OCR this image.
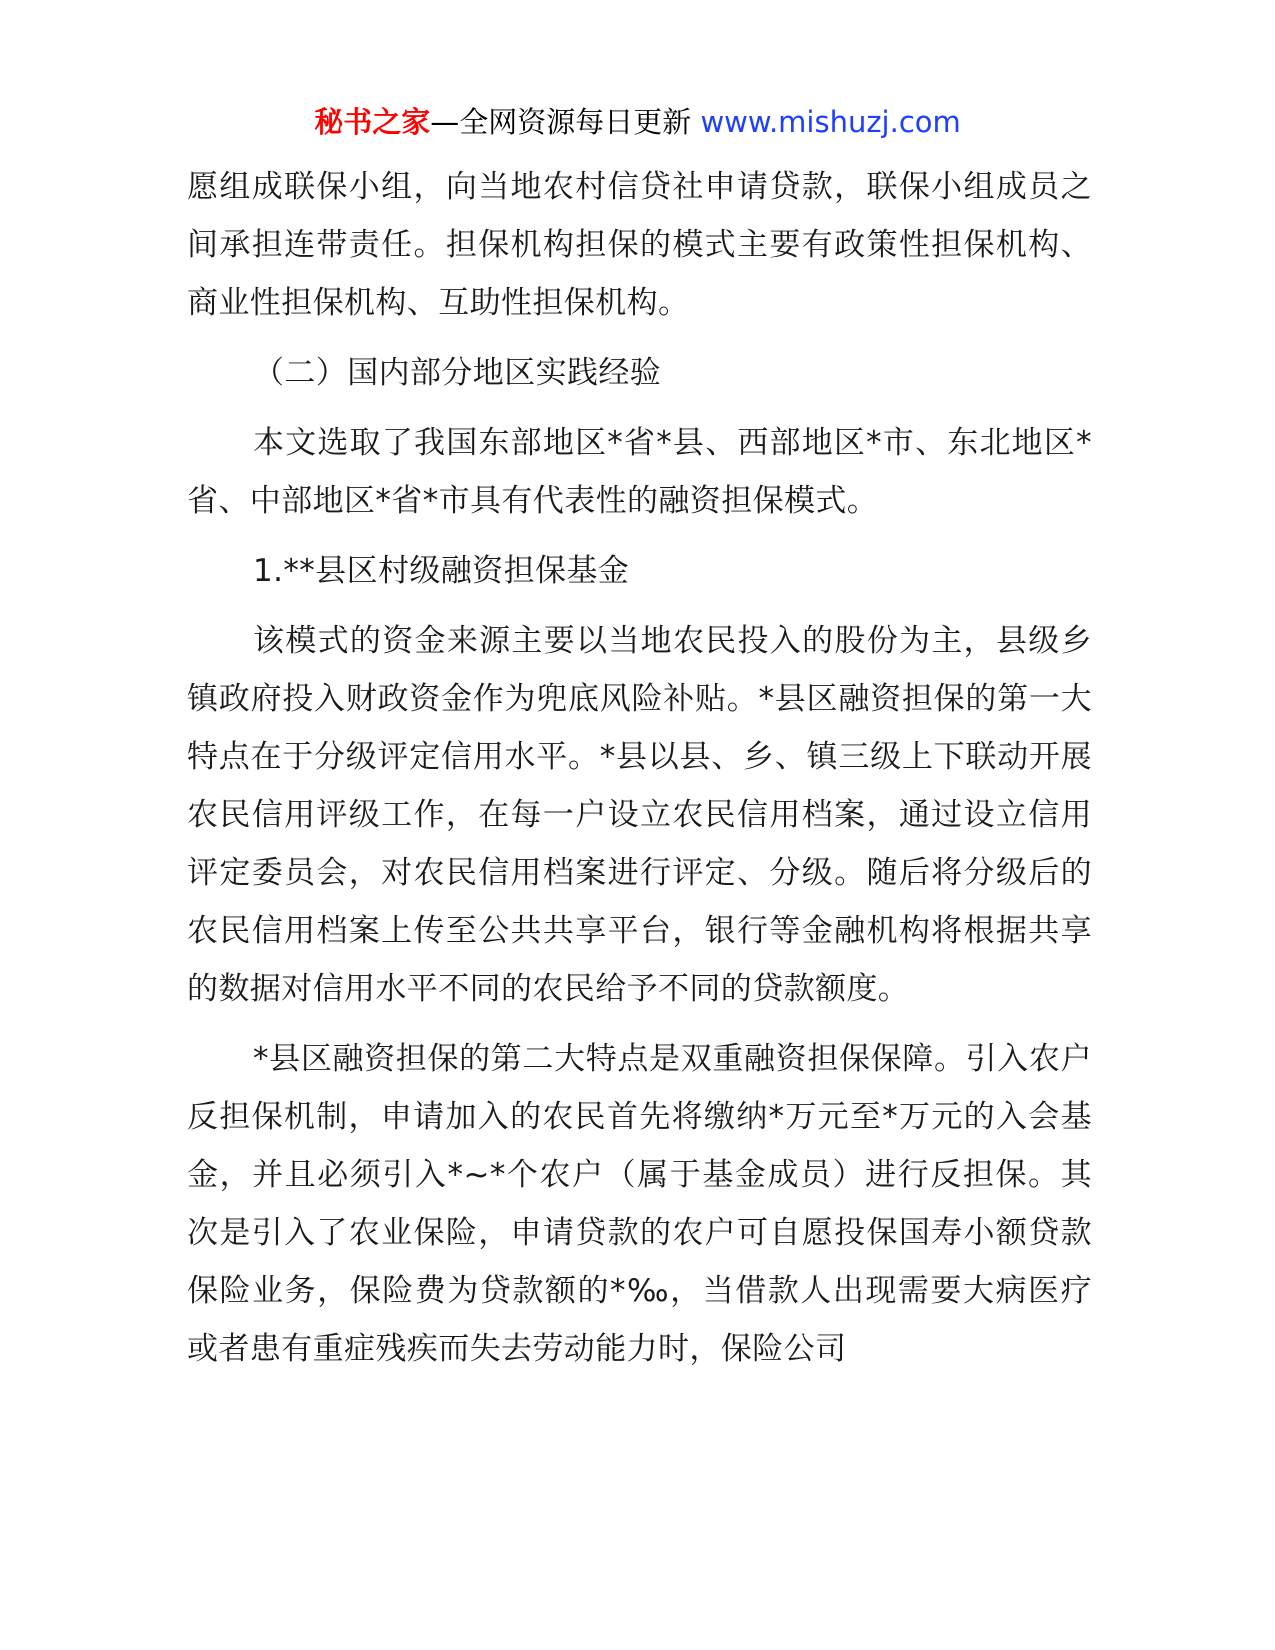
秘书之家—全网资源每日更新 www.mishuzj.com

愿组成联保小组，向当地农村信贷社申请贷款，联保小组成员之间承担连带责任。担保机构担保的模式主要有政策性担保机构、商业性担保机构、互助性担保机构。

（二）国内部分地区实践经验

本文选取了我国东部地区*省*县、西部地区*市、东北地区*省、中部地区*省*市具有代表性的融资担保模式。

1.**县区村级融资担保基金

该模式的资金来源主要以当地农民投入的股份为主，县级乡镇政府投入财政资金作为兜底风险补贴。*县区融资担保的第一大特点在于分级评定信用水平。*县以县、乡、镇三级上下联动开展农民信用评级工作，在每一户设立农民信用档案，通过设立信用评定委员会，对农民信用档案进行评定、分级。随后将分级后的农民信用档案上传至公共共享平台，银行等金融机构将根据共享的数据对信用水平不同的农民给予不同的贷款额度。

*县区融资担保的第二大特点是双重融资担保保障。引入农户反担保机制，申请加入的农民首先将缴纳*万元至*万元的入会基金，并且必须引入*~*个农户（属于基金成员）进行反担保。其次是引入了农业保险，申请贷款的农户可自愿投保国寿小额贷款保险业务，保险费为贷款额的*‰，当借款人出现需要大病医疗或者患有重症残疾而失去劳动能力时，保险公司
